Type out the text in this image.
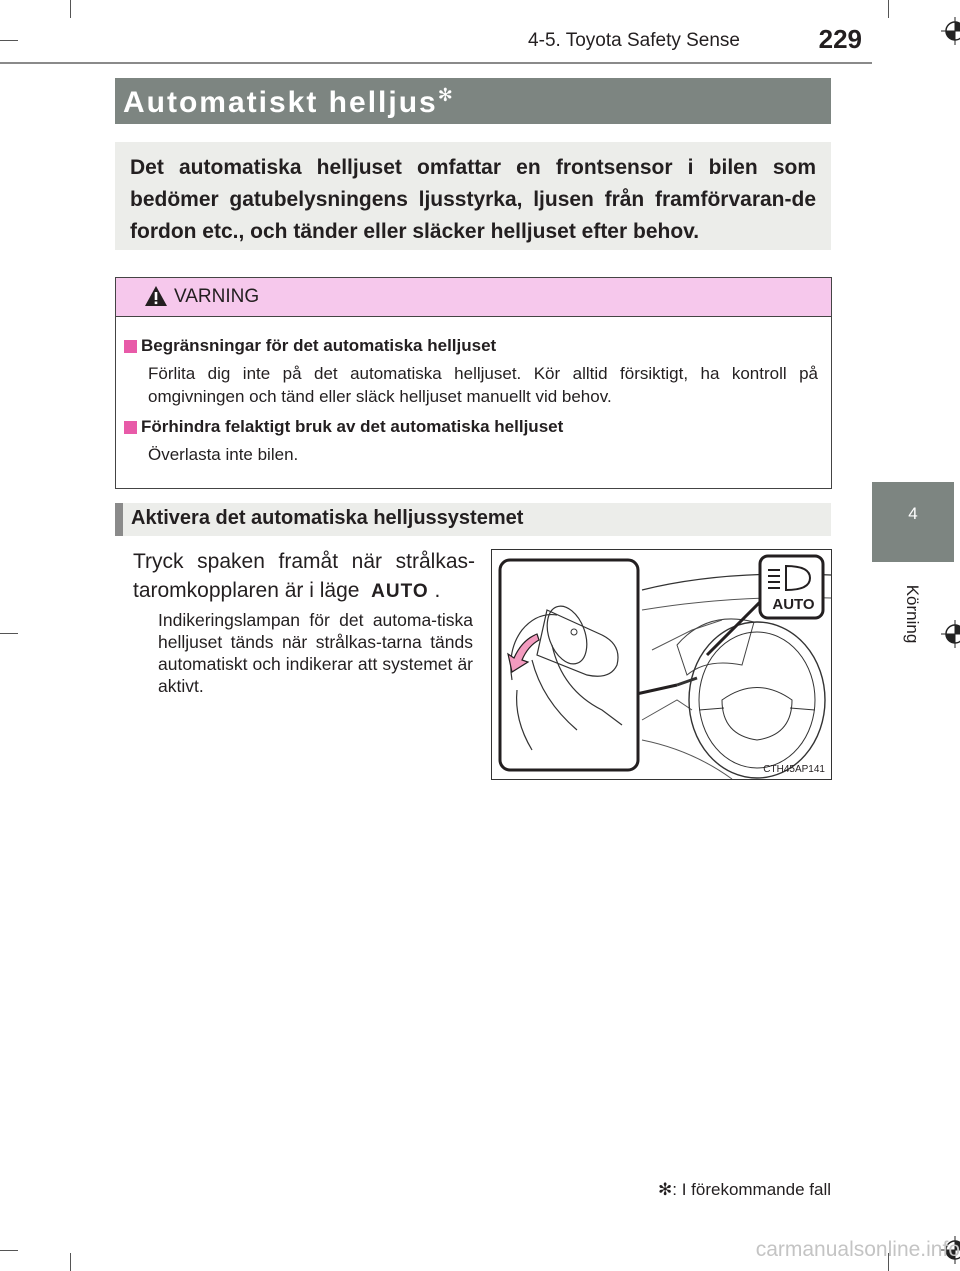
4-5. Toyota Safety Sense	229
4
Körning
Automatiskt helljus✻

Det automatiska helljuset omfattar en frontsensor i bilen som bedömer gatubelysningens ljusstyrka, ljusen från framförvaran-de fordon etc., och tänder eller släcker helljuset efter behov.

VARNING
Begränsningar för det automatiska helljuset
Förlita dig inte på det automatiska helljuset. Kör alltid försiktigt, ha kontroll på omgivningen och tänd eller släck helljuset manuellt vid behov.
Förhindra felaktigt bruk av det automatiska helljuset
Överlasta inte bilen.
Aktivera det automatiska helljussystemet
Tryck spaken framåt när strålkas-taromkopplaren är i läge AUTO .
Indikeringslampan för det automa-tiska helljuset tänds när strålkas-tarna tänds automatiskt och indikerar att systemet är aktivt.
AUTO
CTH45AP141
✻: I förekommande fall
carmanualsonline.info
